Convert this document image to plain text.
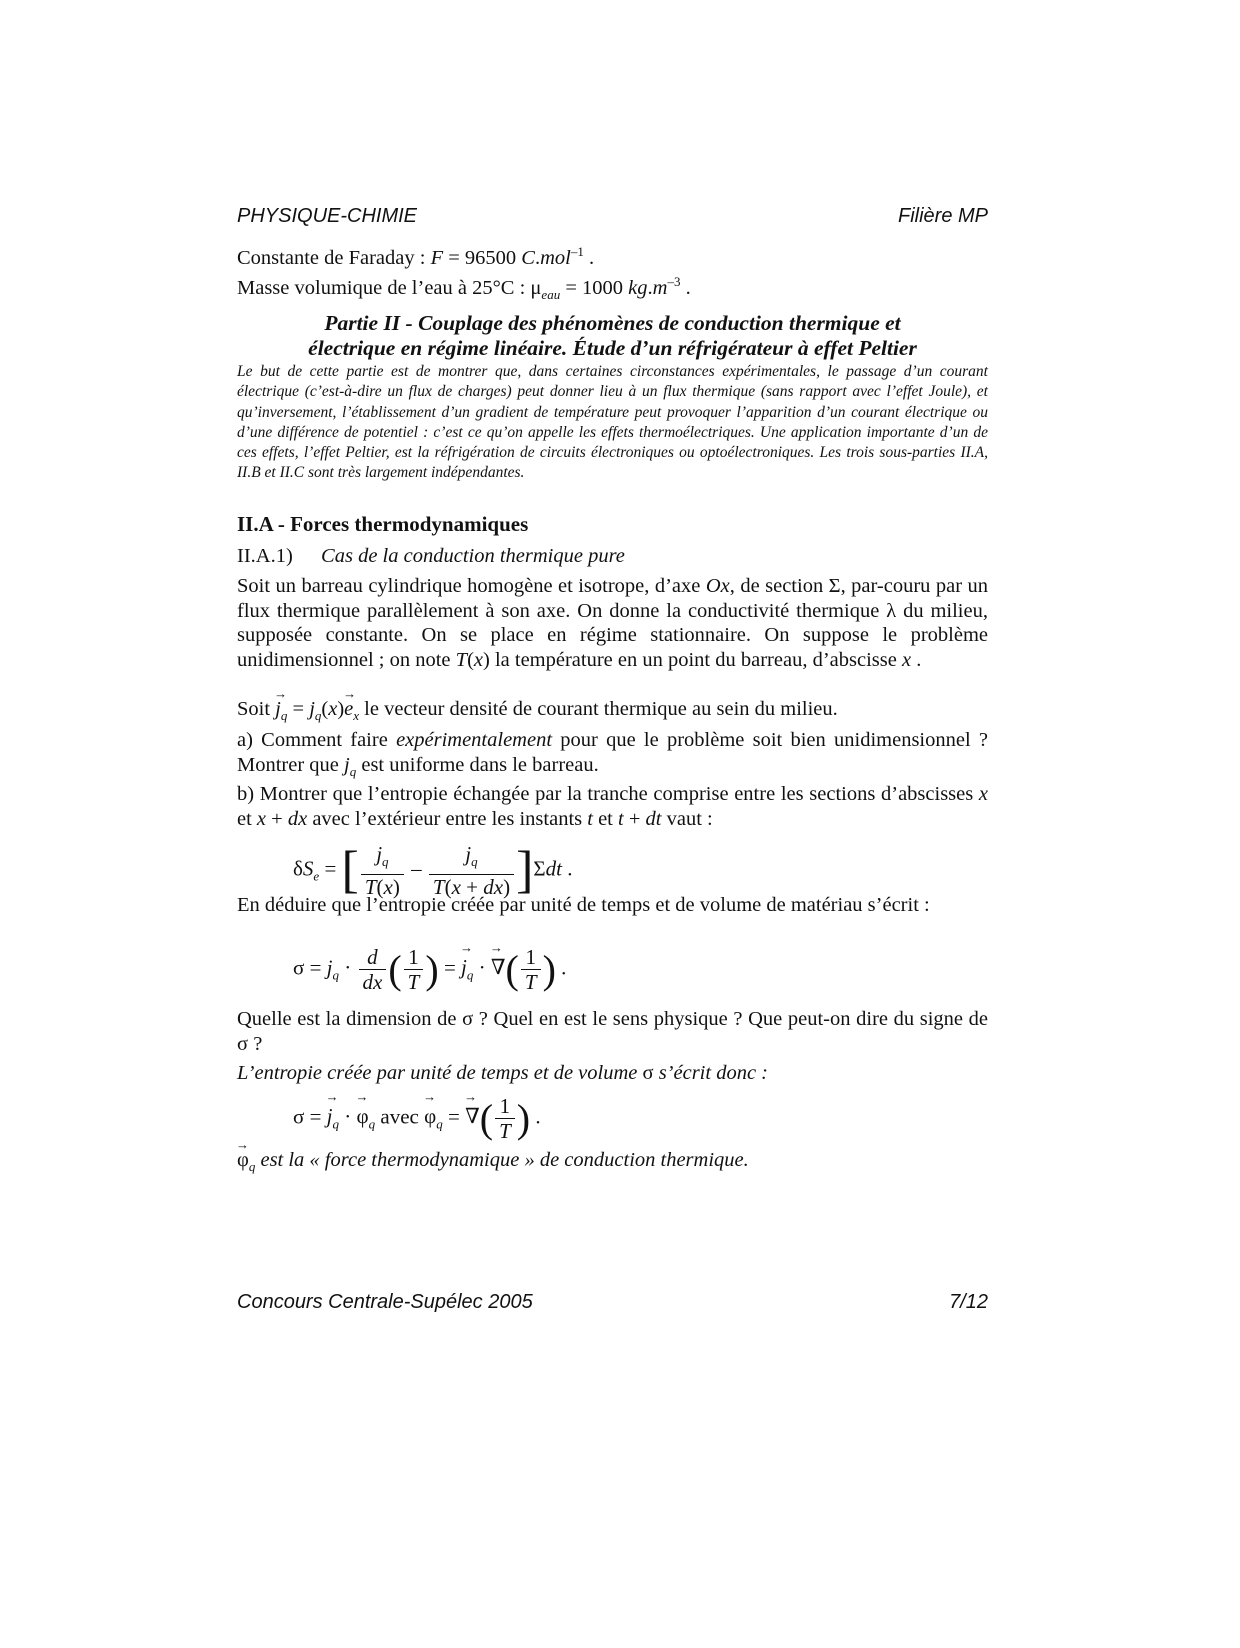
PHYSIQUE-CHIMIE	Filière MP
Constante de Faraday : F = 96500 C.mol$^{-1}$ .
Masse volumique de l’eau à 25°C : $\mu_{eau} = 1000$ $kg.m^{-3}$ .
Partie II - Couplage des phénomènes de conduction thermique et
électrique en régime linéaire. Étude d’un réfrigérateur à effet Peltier
Le but de cette partie est de montrer que, dans certaines circonstances expérimentales, le passage d’un courant électrique (c’est-à-dire un flux de charges) peut donner lieu à un flux thermique (sans rapport avec l’effet Joule), et qu’inversement, l’établissement d’un gradient de température peut provoquer l’apparition d’un courant électrique ou d’une différence de potentiel : c’est ce qu’on appelle les effets thermoélectriques. Une application importante d’un de ces effets, l’effet Peltier, est la réfrigération de circuits électroniques ou optoélectroniques. Les trois sous-parties II.A, II.B et II.C sont très largement indépendantes.
II.A - Forces thermodynamiques
II.A.1) Cas de la conduction thermique pure
Soit un barreau cylindrique homogène et isotrope, d’axe Ox, de section Σ, par-couru par un flux thermique parallèlement à son axe. On donne la conductivité thermique λ du milieu, supposée constante. On se place en régime stationnaire. On suppose le problème unidimensionnel ; on note T(x) la température en un point du barreau, d’abscisse x .
Soit → $j_q = j_q(x)\to e_x$ le vecteur densité de courant thermique au sein du milieu.
a) Comment faire expérimentalement pour que le problème soit bien unidimensionnel ? Montrer que $j_q$ est uniforme dans le barreau.
b) Montrer que l’entropie échangée par la tranche comprise entre les sections d’abscisses x et x + dx avec l’extérieur entre les instants t et t + dt vaut :
$\delta S_e$ = [ $\frac{j_q}{T(x)} - \frac{j_q}{T(x + dx)} ]\Sigma dt$ .
En déduire que l’entropie créée par unité de temps et de volume de matériau s’écrit :
$\sigma = j_q \cdot \frac{d}{dx}$ ( $\frac{1}{T}$ ) = → $j_q$ · → ∇( $\frac{1}{T}$ ) .
Quelle est la dimension de σ ? Quel en est le sens physique ? Que peut-on dire du signe de σ ?
L’entropie créée par unité de temps et de volume σ s’écrit donc :
σ = → $j_q$ · → $\varphi_q$ avec → $\varphi_q$ = → ∇( $\frac{1}{T}$ ) .
→ $\varphi_q$ est la « force thermodynamique » de conduction thermique.
Concours Centrale-Supélec 2005	7/12
